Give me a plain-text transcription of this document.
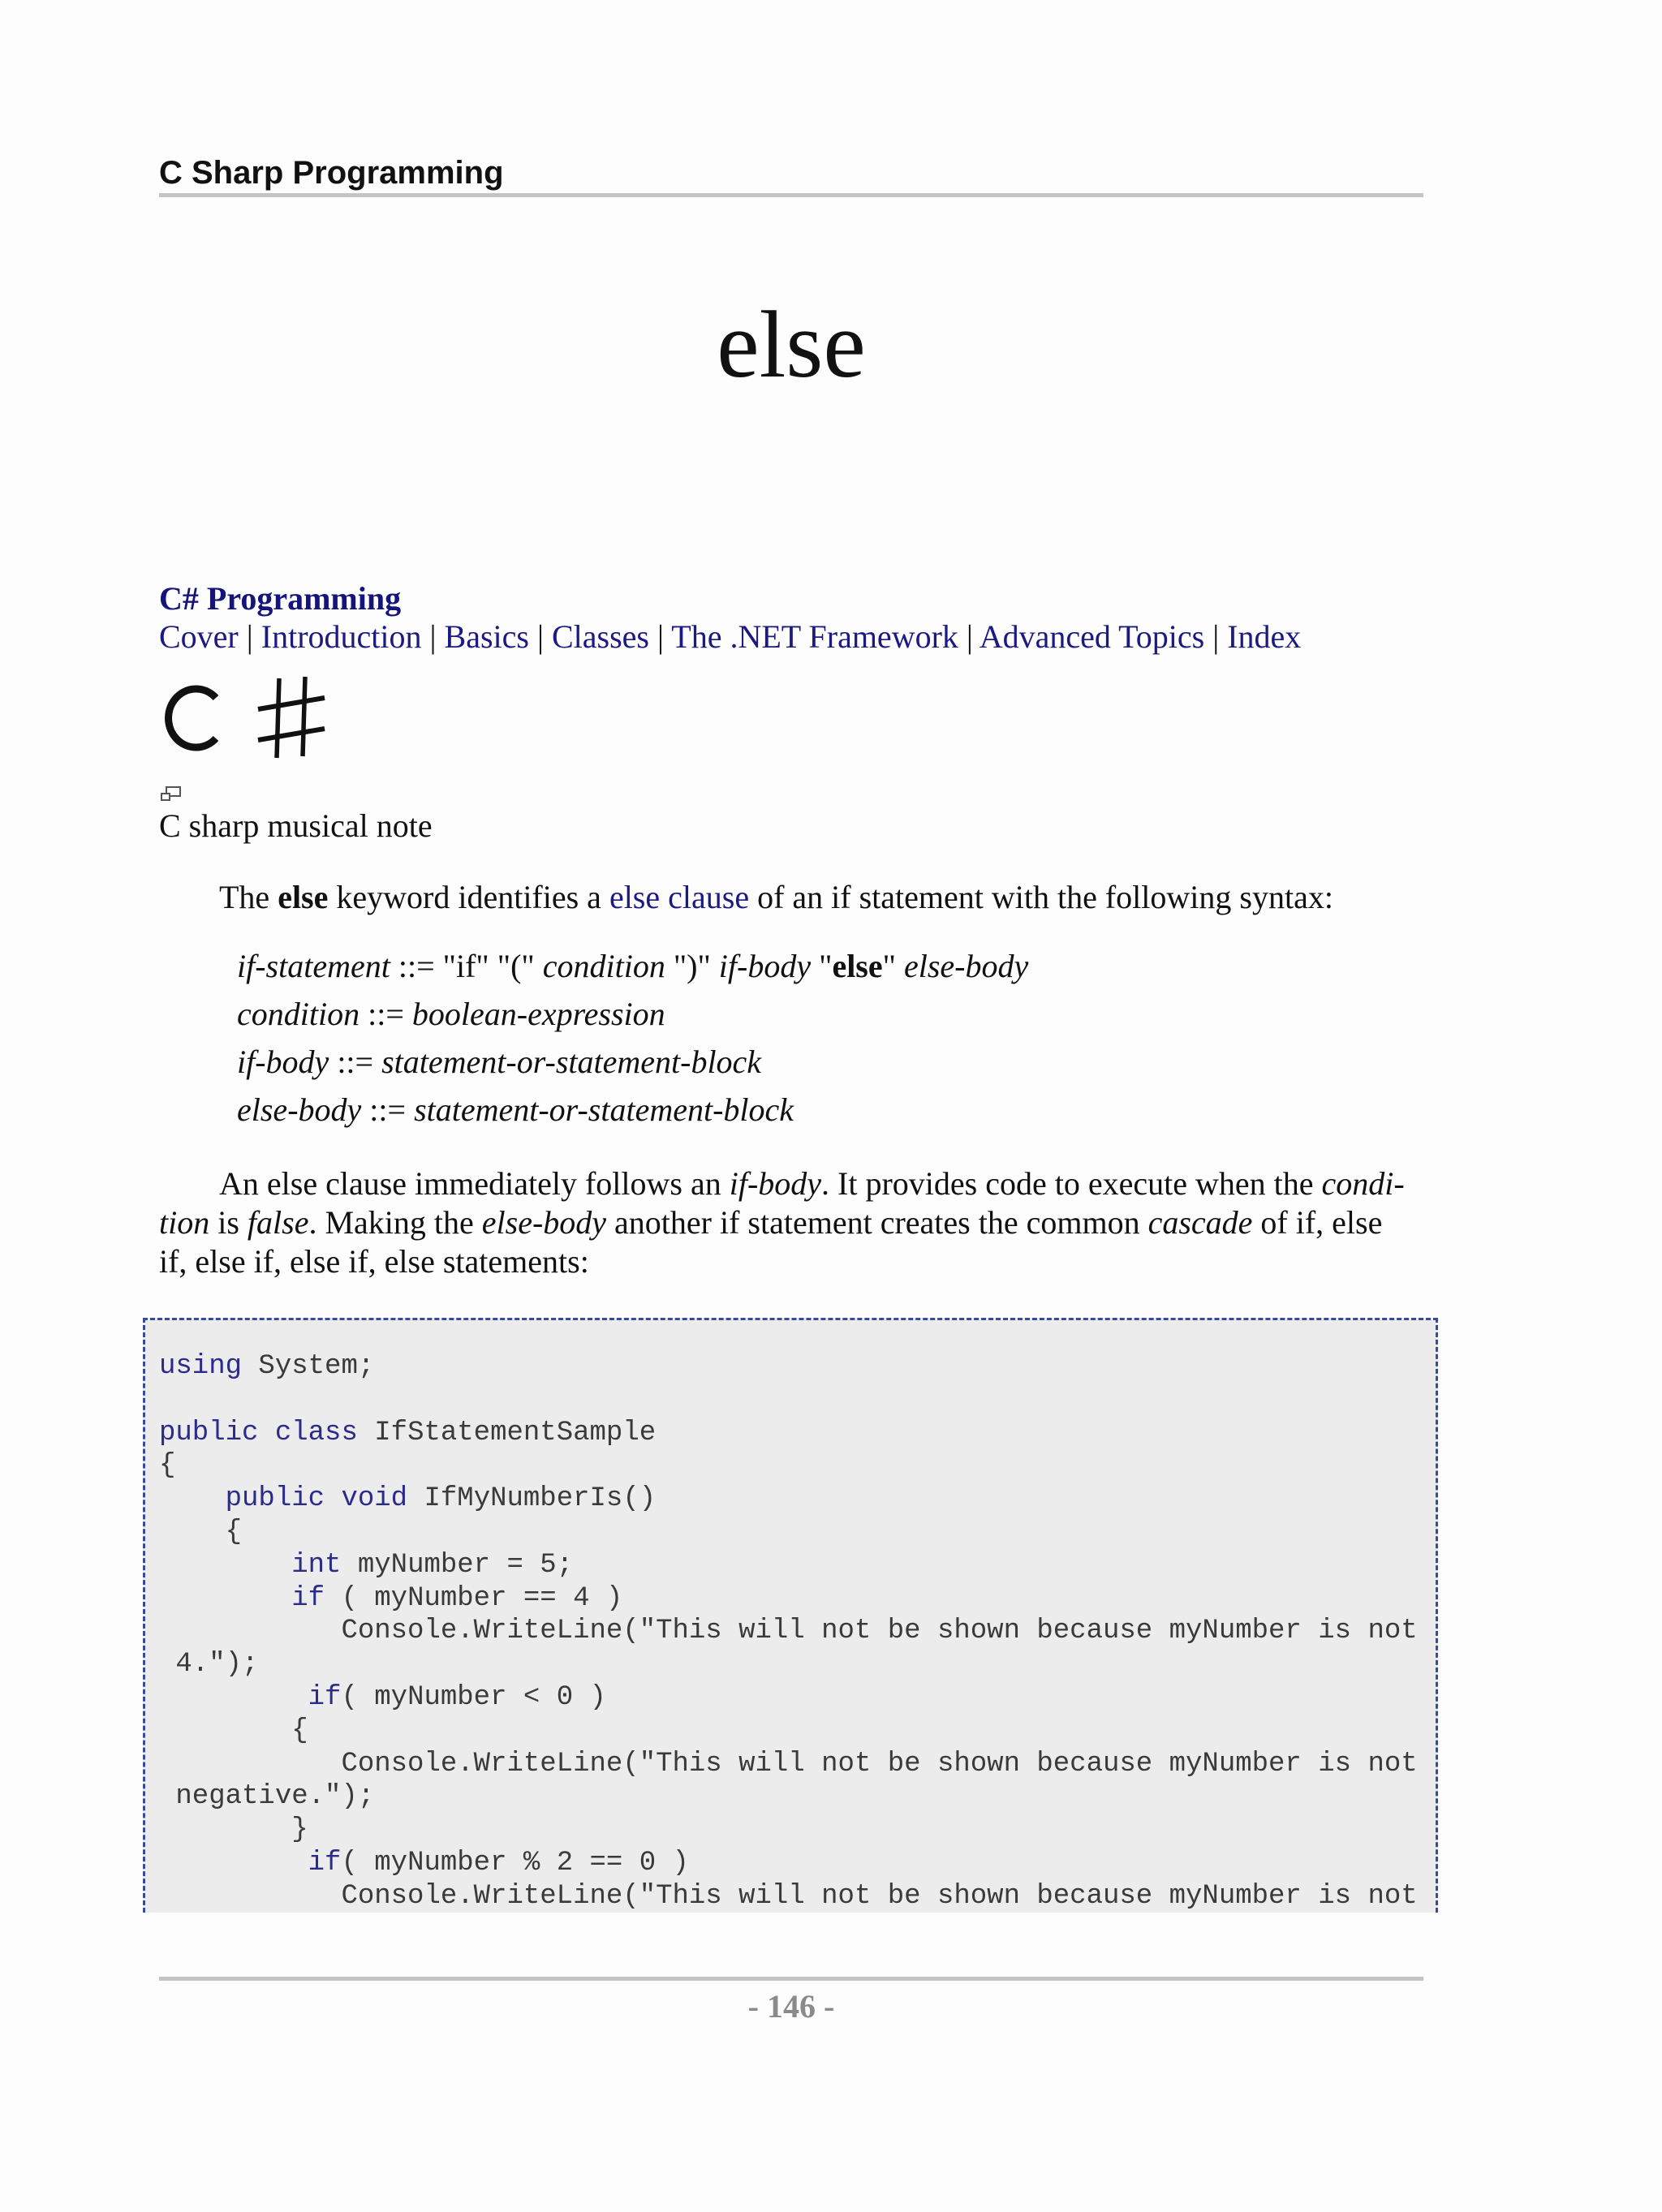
C Sharp Programming
else
C# Programming
Cover | Introduction | Basics | Classes | The .NET Framework | Advanced Topics | Index
C sharp musical note
The else keyword identifies a else clause of an if statement with the following syntax:
if-statement ::= "if" "(" condition ")" if-body "else" else-body
condition ::= boolean-expression
if-body ::= statement-or-statement-block
else-body ::= statement-or-statement-block
An else clause immediately follows an if-body. It provides code to execute when the condi-
tion is false. Making the else-body another if statement creates the common cascade of if, else
if, else if, else if, else statements:
using System;

public class IfStatementSample
{
public void IfMyNumberIs()
{
int myNumber = 5;
if ( myNumber == 4 )
Console.WriteLine("This will not be shown because myNumber is not
4.");
if( myNumber < 0 )
{
Console.WriteLine("This will not be shown because myNumber is not
negative.");
}
if( myNumber % 2 == 0 )
Console.WriteLine("This will not be shown because myNumber is not
- 146 -
